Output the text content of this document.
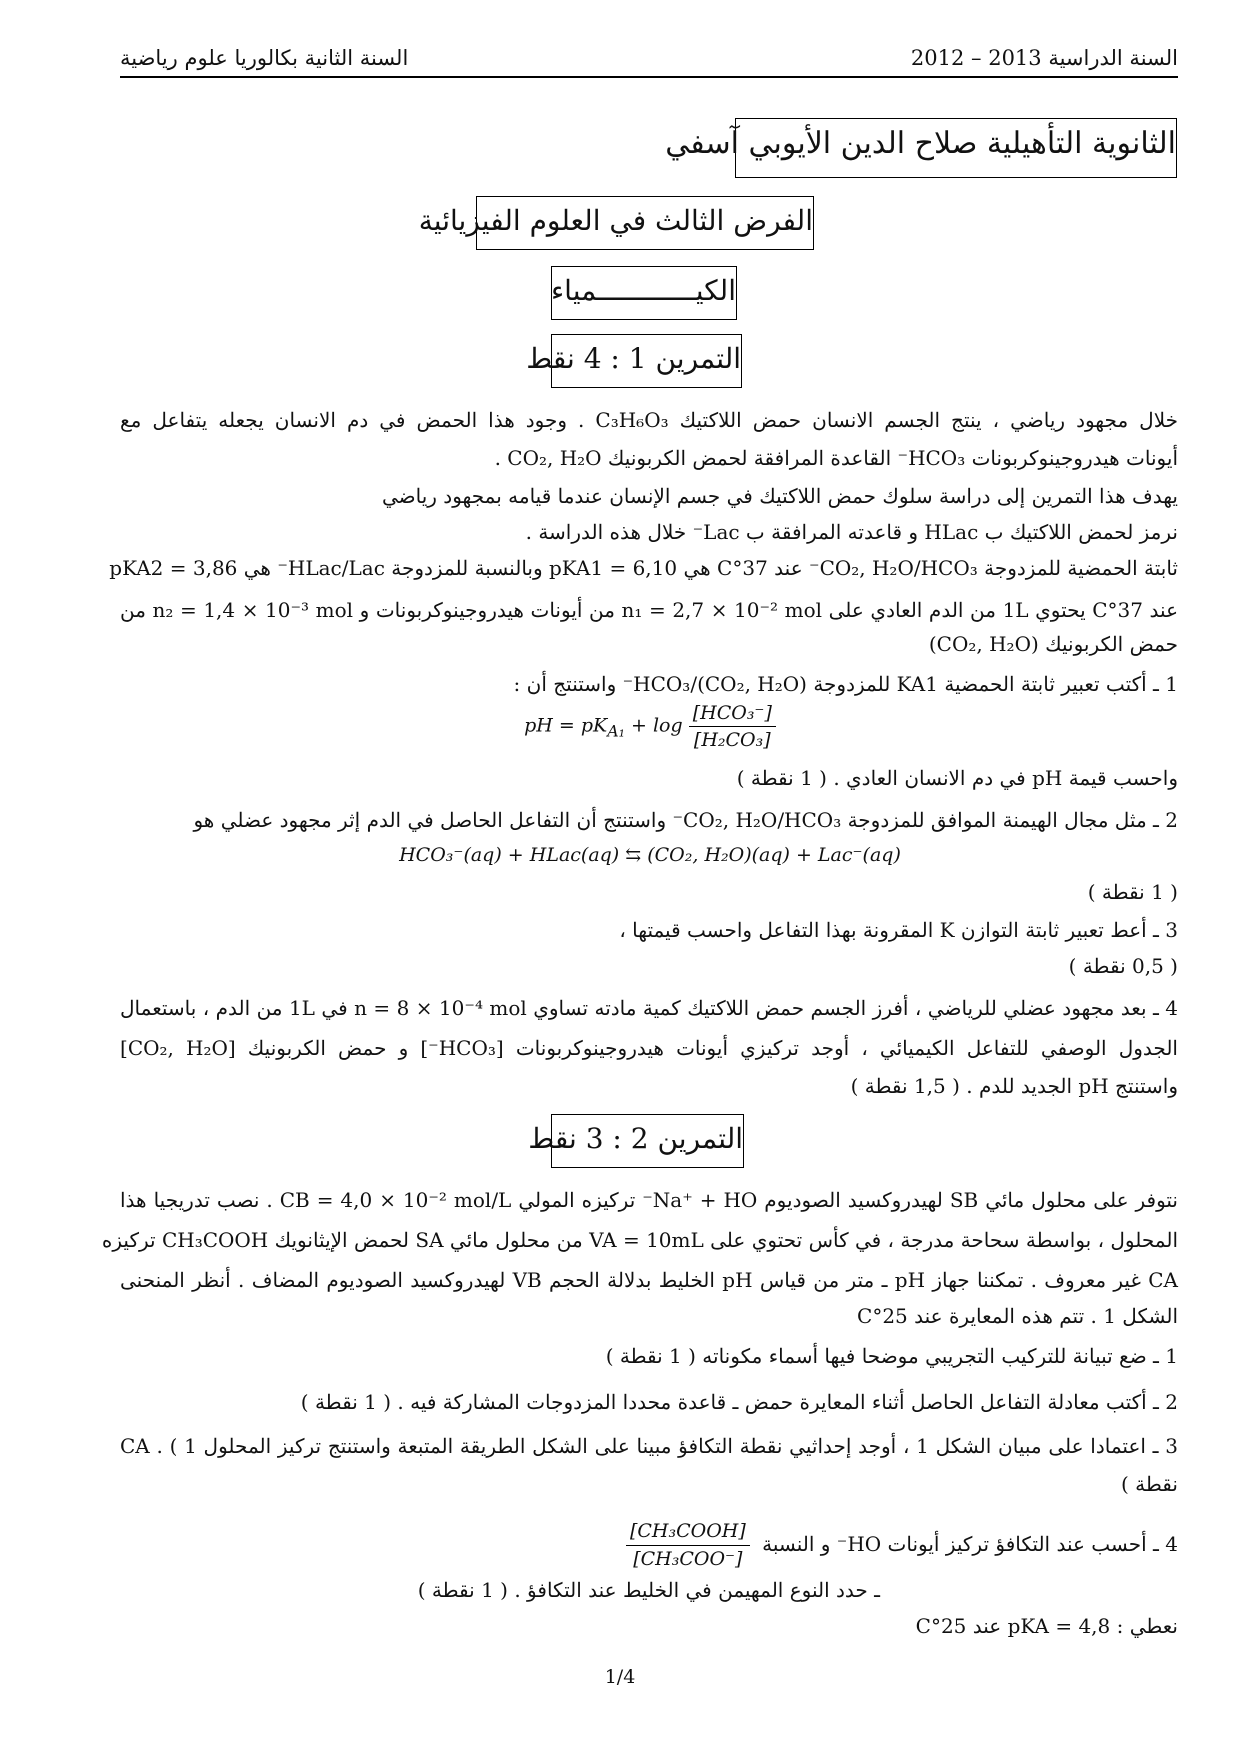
السنة الثانية بكالوريا علوم رياضية	السنة الدراسية 2013 – 2012
الثانوية التأهيلية صلاح الدين الأيوبي آسفي
الفرض الثالث في العلوم الفيزيائية
الكيــــــــــــمياء
التمرين 1 : 4 نقط
خلال مجهود رياضي ، ينتج الجسم الانسان حمض اللاكتيك C₃H₆O₃ . وجود هذا الحمض في دم الانسان يجعله يتفاعل مع
أيونات هيدروجينوكربونات HCO₃⁻ القاعدة المرافقة لحمض الكربونيك CO₂, H₂O .
يهدف هذا التمرين إلى دراسة سلوك حمض اللاكتيك في جسم الإنسان عندما قيامه بمجهود رياضي
نرمز لحمض اللاكتيك ب HLac و قاعدته المرافقة ب Lac⁻ خلال هذه الدراسة .
ثابتة الحمضية للمزدوجة CO₂, H₂O/HCO₃⁻ عند 37°C هي pKA1 = 6,10 وبالنسبة للمزدوجة HLac/Lac⁻ هي pKA2 = 3,86
عند 37°C يحتوي 1L من الدم العادي على n₁ = 2,7 × 10⁻² mol من أيونات هيدروجينوكربونات و n₂ = 1,4 × 10⁻³ mol من
حمض الكربونيك (CO₂, H₂O)
1 ـ أكتب تعبير ثابتة الحمضية KA1 للمزدوجة (CO₂, H₂O)/HCO₃⁻ واستنتج أن :
pH = $pK_{A_1} + \log \frac{\text{[HCO₃⁻]}}{\text{[H₂CO₃]}}$
واحسب قيمة pH في دم الانسان العادي . ( 1 نقطة )
2 ـ مثل مجال الهيمنة الموافق للمزدوجة CO₂, H₂O/HCO₃⁻ واستنتج أن التفاعل الحاصل في الدم إثر مجهود عضلي هو
HCO₃⁻(aq) + HLac(aq) ⇆ (CO₂, H₂O)(aq) + Lac⁻(aq)
( 1 نقطة )
3 ـ أعط تعبير ثابتة التوازن K المقرونة بهذا التفاعل واحسب قيمتها ،
( 0,5 نقطة )
4 ـ بعد مجهود عضلي للرياضي ، أفرز الجسم حمض اللاكتيك كمية مادته تساوي n = 8 × 10⁻⁴ mol في 1L من الدم ، باستعمال
الجدول الوصفي للتفاعل الكيميائي ، أوجد تركيزي أيونات هيدروجينوكربونات [HCO₃⁻] و حمض الكربونيك [CO₂, H₂O]
واستنتج pH الجديد للدم . ( 1,5 نقطة )
التمرين 2 : 3 نقط
نتوفر على محلول مائي SB لهيدروكسيد الصوديوم Na⁺ + HO⁻ تركيزه المولي CB = 4,0 × 10⁻² mol/L . نصب تدريجيا هذا
المحلول ، بواسطة سحاحة مدرجة ، في كأس تحتوي على VA = 10mL من محلول مائي SA لحمض الإيثانويك CH₃COOH تركيزه
CA غير معروف . تمكننا جهاز pH ـ متر من قياس pH الخليط بدلالة الحجم VB لهيدروكسيد الصوديوم المضاف . أنظر المنحنى
الشكل 1 . تتم هذه المعايرة عند 25°C
1 ـ ضع تبيانة للتركيب التجريبي موضحا فيها أسماء مكوناته ( 1 نقطة )
2 ـ أكتب معادلة التفاعل الحاصل أثناء المعايرة حمض ـ قاعدة محددا المزدوجات المشاركة فيه . ( 1 نقطة )
3 ـ اعتمادا على مبيان الشكل 1 ، أوجد إحداثيي نقطة التكافؤ مبينا على الشكل الطريقة المتبعة واستنتج تركيز المحلول CA . ( 1
نقطة )
4 ـ أحسب عند التكافؤ تركيز أيونات HO⁻ و النسبة
$\frac{\text{[CH₃COOH]}}{\text{[CH₃COO⁻]}}$
ـ حدد النوع المهيمن في الخليط عند التكافؤ . ( 1 نقطة )
نعطي : pKA = 4,8 عند 25°C
1/4
